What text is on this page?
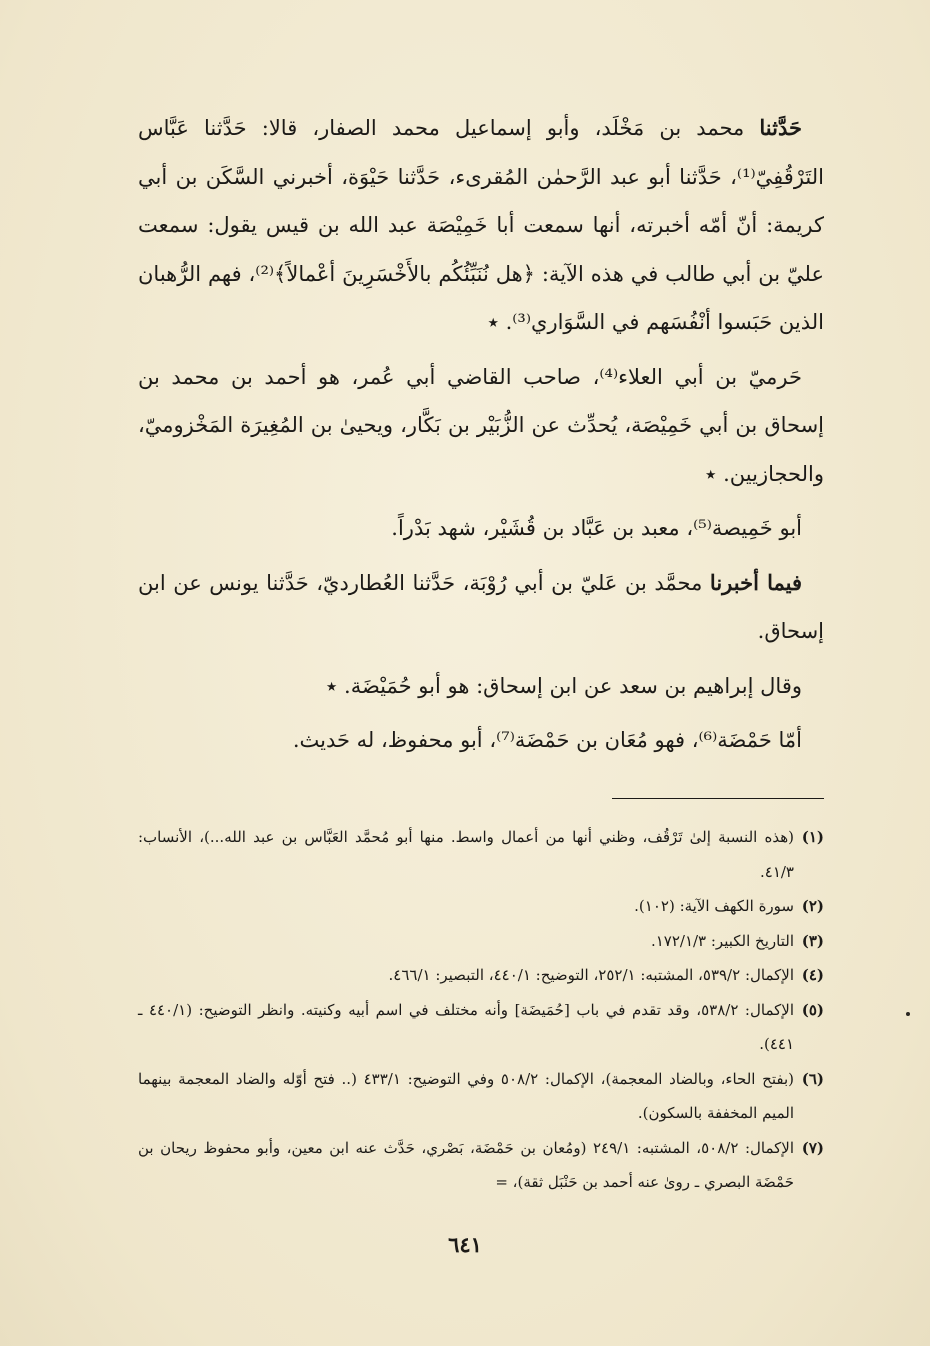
حَدَّثنا محمد بن مَخْلَد، وأبو إسماعيل محمد الصفار، قالا: حَدَّثنا عَبَّاس التَرْقُفِيّ⁽¹⁾، حَدَّثنا أبو عبد الرَّحمٰن المُقرىء، حَدَّثنا حَيْوَة، أخبرني السَّكَن بن أبي كريمة: أنّ أمّه أخبرته، أنها سمعت أبا خَمِيْصَة عبد الله بن قيس يقول: سمعت عليّ بن أبي طالب في هذه الآية: ﴿هل نُنَبِّئُكُم بالأَخْسَرِينَ أعْمالاً﴾⁽²⁾، فهم الرُّهبان الذين حَبَسوا أنْفُسَهم في السَّوَاري⁽³⁾. ٭

حَرميّ بن أبي العلاء⁽⁴⁾، صاحب القاضي أبي عُمر، هو أحمد بن محمد بن إسحاق بن أبي خَمِيْصَة، يُحدِّث عن الزُّبَيْر بن بَكَّار، ويحيىٰ بن المُغِيرَة المَخْزوميّ، والحجازيين. ٭

أبو خَمِيصة⁽⁵⁾، معبد بن عَبَّاد بن قُشَيْر، شهد بَدْراً.

فيما أخبرنا محمَّد بن عَليّ بن أبي رُوْبَة، حَدَّثنا العُطارديّ، حَدَّثنا يونس عن ابن إسحاق.

وقال إبراهيم بن سعد عن ابن إسحاق: هو أبو حُمَيْضَة. ٭

أمّا حَمْضَة⁽⁶⁾، فهو مُعَان بن حَمْضَة⁽⁷⁾، أبو محفوظ، له حَديث.

(١)
(هذه النسبة إلىٰ تَرْقُف، وظني أنها من أعمال واسط. منها أبو مُحمَّد العَبَّاس بن عبد الله...)، الأنساب: ٤١/٣.

(٢)
سورة الكهف الآية: (١٠٢).

(٣)
التاريخ الكبير: ١٧٢/١/٣.

(٤)
الإكمال: ٥٣٩/٢، المشتبه: ٢٥٢/١، التوضيح: ٤٤٠/١، التبصير: ٤٦٦/١.

(٥)
الإكمال: ٥٣٨/٢، وقد تقدم في باب [حُمَيضَة] وأنه مختلف في اسم أبيه وكنيته. وانظر التوضيح: (٤٤٠/١ ـ ٤٤١).

(٦)
(بفتح الحاء، وبالضاد المعجمة)، الإكمال: ٥٠٨/٢ وفي التوضيح: ٤٣٣/١ (.. فتح أوّله والضاد المعجمة بينهما الميم المخففة بالسكون).

(٧)
الإكمال: ٥٠٨/٢، المشتبه: ٢٤٩/١ (ومُعان بن حَمْضَة، بَصْري، حَدَّث عنه ابن معين، وأبو محفوظ ريحان بن حَمْضَة البصري ـ روىٰ عنه أحمد بن حَنْبَل ثقة)، =

٦٤١
